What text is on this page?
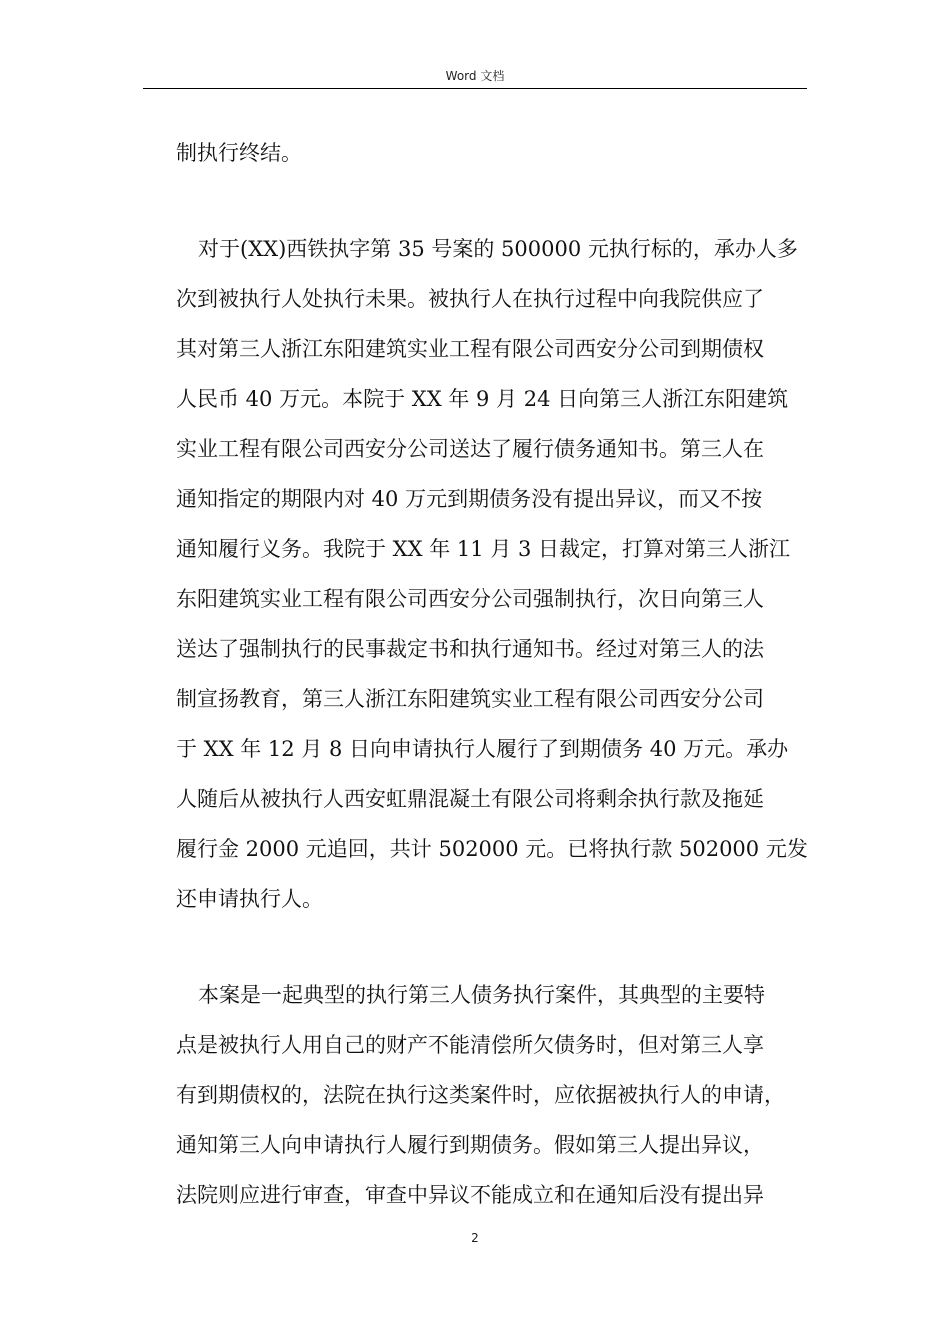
Word 文档
制执行终结。
对于(XX)西铁执字第 35 号案的 500000 元执行标的，承办人多
次到被执行人处执行未果。被执行人在执行过程中向我院供应了
其对第三人浙江东阳建筑实业工程有限公司西安分公司到期债权
人民币 40 万元。本院于 XX 年 9 月 24 日向第三人浙江东阳建筑
实业工程有限公司西安分公司送达了履行债务通知书。第三人在
通知指定的期限内对 40 万元到期债务没有提出异议，而又不按
通知履行义务。我院于 XX 年 11 月 3 日裁定，打算对第三人浙江
东阳建筑实业工程有限公司西安分公司强制执行，次日向第三人
送达了强制执行的民事裁定书和执行通知书。经过对第三人的法
制宣扬教育，第三人浙江东阳建筑实业工程有限公司西安分公司
于 XX 年 12 月 8 日向申请执行人履行了到期债务 40 万元。承办
人随后从被执行人西安虹鼎混凝土有限公司将剩余执行款及拖延
履行金 2000 元追回，共计 502000 元。已将执行款 502000 元发
还申请执行人。
本案是一起典型的执行第三人债务执行案件，其典型的主要特
点是被执行人用自己的财产不能清偿所欠债务时，但对第三人享
有到期债权的，法院在执行这类案件时，应依据被执行人的申请，
通知第三人向申请执行人履行到期债务。假如第三人提出异议，
法院则应进行审查，审查中异议不能成立和在通知后没有提出异
2
